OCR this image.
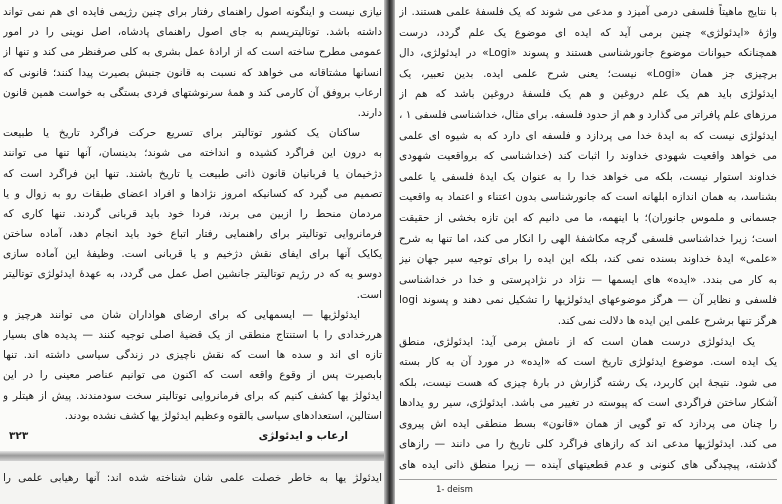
نیازی نیست و اینگونه اصول راهنمای رفتار برای چنین رژیمی فایده ای هم نمی تواند
داشته باشد. توتالیتریسم به جای اصول راهنمای پادشاه، اصل نوینی را در امور
عمومی مطرح ساخته است که از ارادهٔ عمل بشری به کلی صرفنظر می کند و تنها از
انسانها مشتاقانه می خواهد که نسبت به قانون جنبش بصیرت پیدا کنند؛ قانونی که
ارعاب بروفق آن کارمی کند و همهٔ سرنوشتهای فردی بستگی به خواست همین قانون
دارند.
ساکنان یک کشور توتالیتر برای تسریع حرکت فراگرد تاریخ یا طبیعت
به درون این فراگرد کشیده و انداخته می شوند؛ بدینسان، آنها تنها می توانند
دژخیمان یا قربانیان قانون ذاتی طبیعت یا تاریخ باشند. تنها این فراگرد است که
تصمیم می گیرد که کسانیکه امروز نژادها و افراد اعضای طبقات رو به زوال و یا
مردمان منحط را ازبین می برند، فردا خود باید قربانی گردند. تنها کاری که
فرمانروایی توتالیتر برای راهنمایی رفتار اتباع خود باید انجام دهد، آماده ساختن
یکایک آنها برای ایفای نقش دژخیم و یا قربانی است. وظیفهٔ این آماده سازی
دوسو یه که در رژیم توتالیتر جانشین اصل عمل می گردد، به عهدهٔ ایدئولژی توتالیتر
است.
ایدئولژیها — ایسمهایی که برای ارضای هواداران شان می توانند هرچیز و
هررخدادی را با استنتاج منطقی از یک قضیهٔ اصلی توجیه کنند — پدیده های بسیار
تازه ای اند و سده ها است که نقش ناچیزی در زندگی سیاسی داشته اند. تنها
بابصیرت پس از وقوع واقعه است که اکنون می توانیم عناصر معینی را در این
ایدئولژ یها کشف کنیم که برای فرمانروایی توتالیتر سخت سودمندند. پیش از هیتلر و
استالین، استعدادهای سیاسی بالقوه وعظیم ایدئولژ یها کشف نشده بودند.
ارعاب و ایدئولژی
۳۲۳
ایدئولژ یها به خاطر خصلت علمی شان شناخته شده اند: آنها رهیابی علمی را
با نتایج ماهیتاً فلسفی درمی آمیزد و مدعی می شوند که یک فلسفهٔ علمی هستند. از
واژهٔ «ایدئولژی» چنین برمی آید که ایده ای موضوع یک علم گردد، درست
همچنانکه حیوانات موضوع جانورشناسی هستند و پسوند «Logi» در ایدئولژی، دال
برچیزی جز همان «Logi» نیست؛ یعنی شرح علمی ایده. بدین تعبیر، یک
ایدئولژی باید هم یک علم دروغین و هم یک فلسفهٔ دروغین باشد که هم از
مرزهای علم پافراتر می گذارد و هم از حدود فلسفه. برای مثال، خداشناسی فلسفی ۱ ،
ایدئولژی نیست که به ایدهٔ خدا می پردازد و فلسفه ای دارد که به شیوه ای علمی
می خواهد واقعیت شهودی خداوند را اثبات کند (خداشناسی که برواقعیت شهودی
خداوند استوار نیست، بلکه می خواهد خدا را به عنوان یک ایدهٔ فلسفی یا علمی
بشناسد، به همان اندازه ابلهانه است که جانورشناسی بدون اعتناء و اعتماد به واقعیت
جسمانی و ملموس جانوران)؛ با اینهمه، ما می دانیم که این تازه بخشی از حقیقت
است؛ زیرا خداشناسی فلسفی گرچه مکاشفهٔ الهی را انکار می کند، اما تنها به شرح
«علمی» ایدهٔ خداوند بسنده نمی کند، بلکه این ایده را برای توجیه سیر جهان نیز
به کار می بندد. «ایده» های ایسمها — نژاد در نژادپرستی و خدا در خداشناسی
فلسفی و نظایر آن — هرگز موضوعهای ایدئولژیها را تشکیل نمی دهند و پسوند logi
هرگز تنها برشرح علمی این ایده ها دلالت نمی کند.
یک ایدئولژی درست همان است که از نامش برمی آید: ایدئولژی، منطق
یک ایده است. موضوع ایدئولژی تاریخ است که «ایده» در مورد آن به کار بسته
می شود. نتیجهٔ این کاربرد، یک رشته گزارش در بارهٔ چیزی که هست نیست، بلکه
آشکار ساختن فراگردی است که پیوسته در تغییر می باشد. ایدئولژی، سیر رو یدادها
را چنان می پردازد که تو گویی از همان «قانون» بسط منطقی ایده اش پیروی
می کند. ایدئولژیها مدعی اند که رازهای فراگرد کلی تاریخ را می دانند — رازهای
گذشته، پیچیدگی های کنونی و عدم قطعیتهای آینده — زیرا منطق ذاتی ایده های
1- deism
